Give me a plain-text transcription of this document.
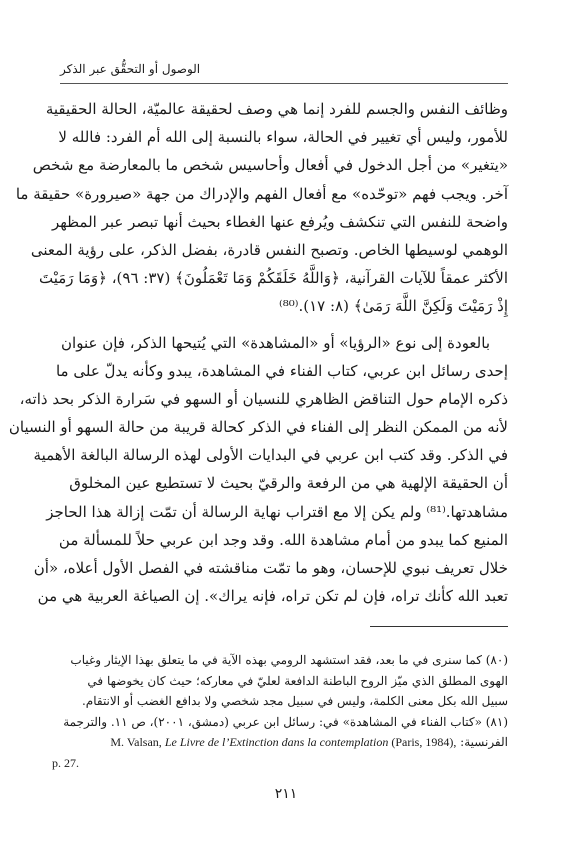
الوصول أو التحقُّق عبر الذكر
وظائف النفس والجسم للفرد إنما هي وصف لحقيقة عالميّة، الحالة الحقيقية
للأمور، وليس أي تغيير في الحالة، سواء بالنسبة إلى الله أم الفرد: فالله لا
«يتغير» من أجل الدخول في أفعال وأحاسيس شخص ما بالمعارضة مع شخص
آخر. ويجب فهم «توحّده» مع أفعال الفهم والإدراك من جهة «صيرورة» حقيقة ما
واضحة للنفس التي تنكشف ويُرفع عنها الغطاء بحيث أنها تبصر عبر المظهر
الوهمي لوسيطها الخاص. وتصبح النفس قادرة، بفضل الذكر، على رؤية المعنى
الأكثر عمقاً للآيات القرآنية، ﴿وَاللَّهُ خَلَقَكُمْ وَمَا تَعْمَلُونَ﴾ (٣٧: ٩٦)، ﴿وَمَا رَمَيْتَ
إِذْ رَمَيْتَ وَلَكِنَّ اللَّهَ رَمَىٰ﴾ (٨: ١٧).⁽⁸⁰⁾
بالعودة إلى نوع «الرؤيا» أو «المشاهدة» التي يُتيحها الذكر، فإن عنوان
إحدى رسائل ابن عربي، كتاب الفناء في المشاهدة، يبدو وكأنه يدلّ على ما
ذكره الإمام حول التناقض الظاهري للنسيان أو السهو في سَرارة الذكر بحد ذاته،
لأنه من الممكن النظر إلى الفناء في الذكر كحالة قريبة من حالة السهو أو النسيان
في الذكر. وقد كتب ابن عربي في البدايات الأولى لهذه الرسالة البالغة الأهمية
أن الحقيقة الإلهية هي من الرفعة والرقيّ بحيث لا تستطيع عين المخلوق
مشاهدتها.⁽⁸¹⁾ ولم يكن إلا مع اقتراب نهاية الرسالة أن تمّت إزالة هذا الحاجز
المنيع كما يبدو من أمام مشاهدة الله. وقد وجد ابن عربي حلاً للمسألة من
خلال تعريف نبوي للإحسان، وهو ما تمّت مناقشته في الفصل الأول أعلاه، «أن
تعبد الله كأنك تراه، فإن لم تكن تراه، فإنه يراك». إن الصياغة العربية هي من
(٨٠) كما سنرى في ما بعد، فقد استشهد الرومي بهذه الآية في ما يتعلق بهذا الإيثار وغياب
الهوى المطلق الذي ميّز الروح الباطنة الدافعة لعليّ في معاركه؛ حيث كان يخوضها في
سبيل الله بكل معنى الكلمة، وليس في سبيل مجد شخصي ولا بدافع الغضب أو الانتقام.
(٨١) «كتاب الفناء في المشاهدة» في: رسائل ابن عربي (دمشق، ٢٠٠١)، ص ١١. والترجمة
الفرنسية: M. Valsan, Le Livre de l’Extinction dans la contemplation (Paris, 1984),
p. 27.
٢١١
